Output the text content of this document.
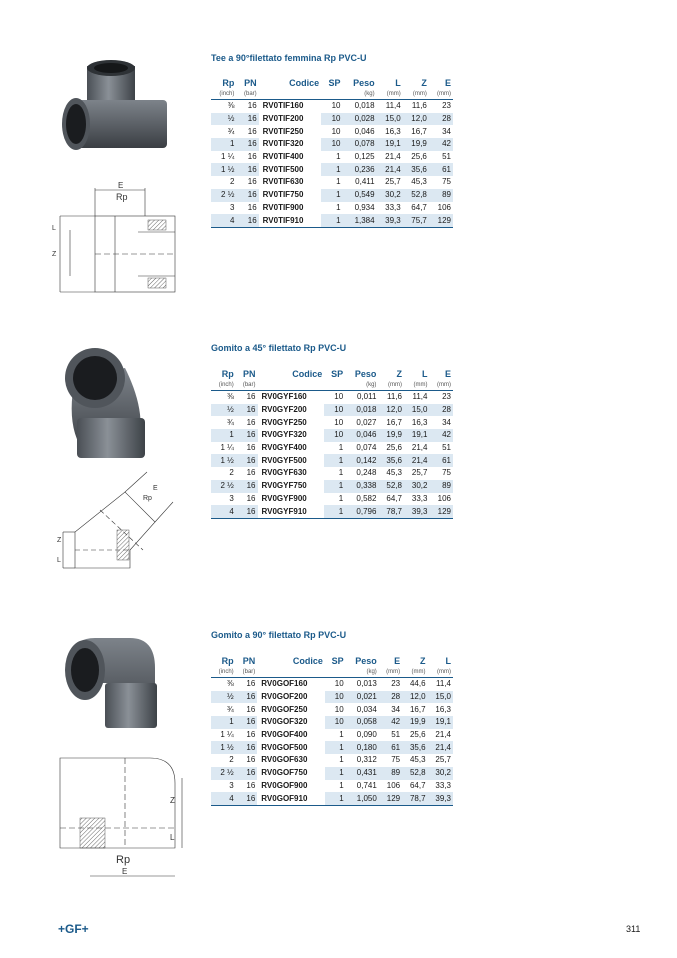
E
Rp
L
Z
Tee a 90°filettato femmina Rp PVC-U
Rp	PN	Codice	SP	Peso	L	Z	E
(inch)	(bar)			(kg)	(mm)	(mm)	(mm)
⅜	16	RV0TIF160	10	0,018	11,4	11,6	23
½	16	RV0TIF200	10	0,028	15,0	12,0	28
¾	16	RV0TIF250	10	0,046	16,3	16,7	34
1	16	RV0TIF320	10	0,078	19,1	19,9	42
1 ¼	16	RV0TIF400	1	0,125	21,4	25,6	51
1 ½	16	RV0TIF500	1	0,236	21,4	35,6	61
2	16	RV0TIF630	1	0,411	25,7	45,3	75
2 ½	16	RV0TIF750	1	0,549	30,2	52,8	89
3	16	RV0TIF900	1	0,934	33,3	64,7	106
4	16	RV0TIF910	1	1,384	39,3	75,7	129
E
Rp
Z
L
Gomito a 45° filettato Rp PVC-U
Rp	PN	Codice	SP	Peso	Z	L	E
(inch)	(bar)			(kg)	(mm)	(mm)	(mm)
⅜	16	RV0GYF160	10	0,011	11,6	11,4	23
½	16	RV0GYF200	10	0,018	12,0	15,0	28
¾	16	RV0GYF250	10	0,027	16,7	16,3	34
1	16	RV0GYF320	10	0,046	19,9	19,1	42
1 ¼	16	RV0GYF400	1	0,074	25,6	21,4	51
1 ½	16	RV0GYF500	1	0,142	35,6	21,4	61
2	16	RV0GYF630	1	0,248	45,3	25,7	75
2 ½	16	RV0GYF750	1	0,338	52,8	30,2	89
3	16	RV0GYF900	1	0,582	64,7	33,3	106
4	16	RV0GYF910	1	0,796	78,7	39,3	129
Z
L
Rp
E
Gomito a 90° filettato Rp PVC-U
Rp	PN	Codice	SP	Peso	E	Z	L
(inch)	(bar)			(kg)	(mm)	(mm)	(mm)
⅜	16	RV0GOF160	10	0,013	23	44,6	11,4
½	16	RV0GOF200	10	0,021	28	12,0	15,0
¾	16	RV0GOF250	10	0,034	34	16,7	16,3
1	16	RV0GOF320	10	0,058	42	19,9	19,1
1 ¼	16	RV0GOF400	1	0,090	51	25,6	21,4
1 ½	16	RV0GOF500	1	0,180	61	35,6	21,4
2	16	RV0GOF630	1	0,312	75	45,3	25,7
2 ½	16	RV0GOF750	1	0,431	89	52,8	30,2
3	16	RV0GOF900	1	0,741	106	64,7	33,3
4	16	RV0GOF910	1	1,050	129	78,7	39,3
+GF+	311
